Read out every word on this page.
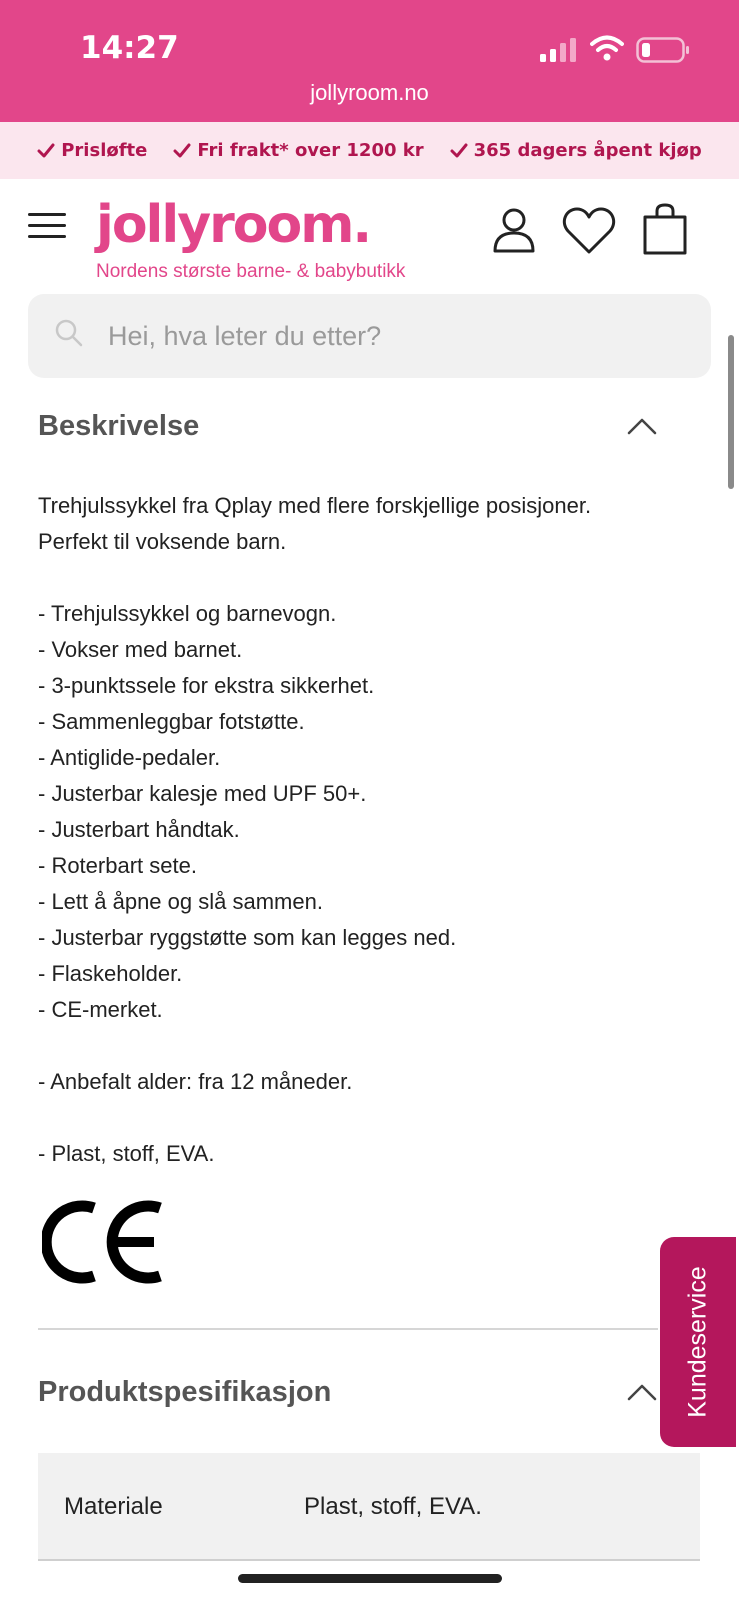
14:27
jollyroom.no
Prisløfte	Fri frakt* over 1200 kr	365 dagers åpent kjøp
jollyroom.
Nordens største barne- & babybutikk
Hei, hva leter du etter?
Beskrivelse
Trehjulssykkel fra Qplay med flere forskjellige posisjoner.
Perfekt til voksende barn.
- Trehjulssykkel og barnevogn.
- Vokser med barnet.
- 3-punktssele for ekstra sikkerhet.
- Sammenleggbar fotstøtte.
- Antiglide-pedaler.
- Justerbar kalesje med UPF 50+.
- Justerbart håndtak.
- Roterbart sete.
- Lett å åpne og slå sammen.
- Justerbar ryggstøtte som kan legges ned.
- Flaskeholder.
- CE-merket.
- Anbefalt alder: fra 12 måneder.
- Plast, stoff, EVA.
Produktspesifikasjon
Materiale	Plast, stoff, EVA.
Kundeservice
